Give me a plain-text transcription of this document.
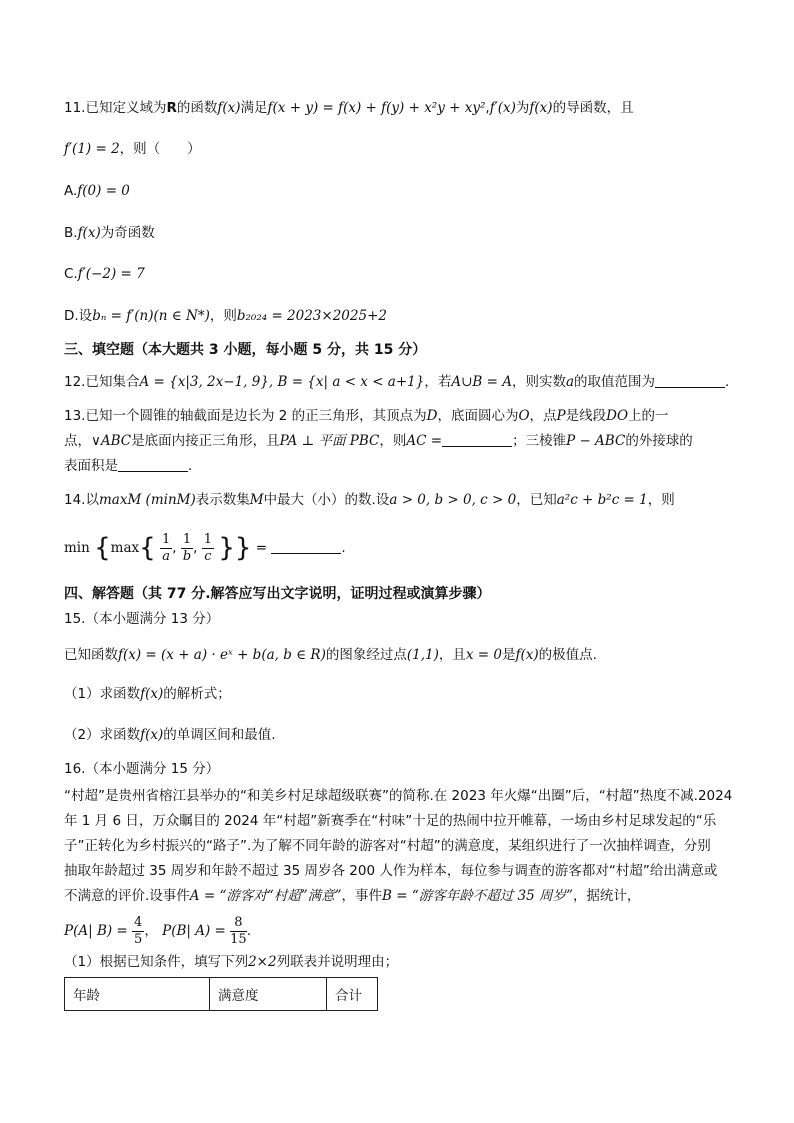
11.已知定义域为R的函数f(x)满足f(x + y) = f(x) + f(y) + x²y + xy²,f′(x)为f(x)的导函数，且
f′(1) = 2，则（　　）
A.f(0) = 0
B.f(x)为奇函数
C.f′(−2) = 7
D.设bₙ = f′(n)(n ∈ N*)，则b₂₀₂₄ = 2023×2025+2
三、填空题（本大题共 3 小题，每小题 5 分，共 15 分）
12.已知集合A = {x|3, 2x−1, 9}, B = {x| a < x < a+1}，若A∪B = A，则实数a的取值范围为	.
13.已知一个圆锥的轴截面是边长为 2 的正三角形，其顶点为D，底面圆心为O，点P是线段DO上的一
点，∨ABC是底面内接正三角形，且PA ⊥ 平面 PBC，则AC =	；三棱锥P − ABC的外接球的
表面积是	.
14.以maxM (minM)表示数集M中最大（小）的数.设a > 0, b > 0, c > 0，已知a²c + b²c = 1，则
$\min \{\max\{ \frac{1}{a}$ , $\frac{1}{b}$ , $\frac{1}{c}$ }} =	.
四、解答题（其 77 分.解答应写出文字说明，证明过程或演算步骤）
15.（本小题满分 13 分）
已知函数f(x) = (x + a) · eˣ + b(a, b ∈ R)的图象经过点(1,1)，且x = 0是f(x)的极值点.
（1）求函数f(x)的解析式；
（2）求函数f(x)的单调区间和最值.
16.（本小题满分 15 分）
“村超”是贵州省榕江县举办的“和美乡村足球超级联赛”的简称.在 2023 年火爆“出圈”后，“村超”热度不减.2024
年 1 月 6 日，万众瞩目的 2024 年“村超”新赛季在“村味”十足的热闹中拉开帷幕，一场由乡村足球发起的“乐
子”正转化为乡村振兴的“路子”.为了解不同年龄的游客对“村超”的满意度，某组织进行了一次抽样调查，分别
抽取年龄超过 35 周岁和年龄不超过 35 周岁各 200 人作为样本，每位参与调查的游客都对“村超”给出满意或
不满意的评价.设事件A = “游客对“村超”满意”，事件B = “游客年龄不超过 35 周岁”，据统计，
P(A| $B) = \frac{4}{5}$ ， P(B| $A) = \frac{8}{15}$ .
（1）根据已知条件，填写下列2×2列联表并说明理由；
年龄	满意度	合计
